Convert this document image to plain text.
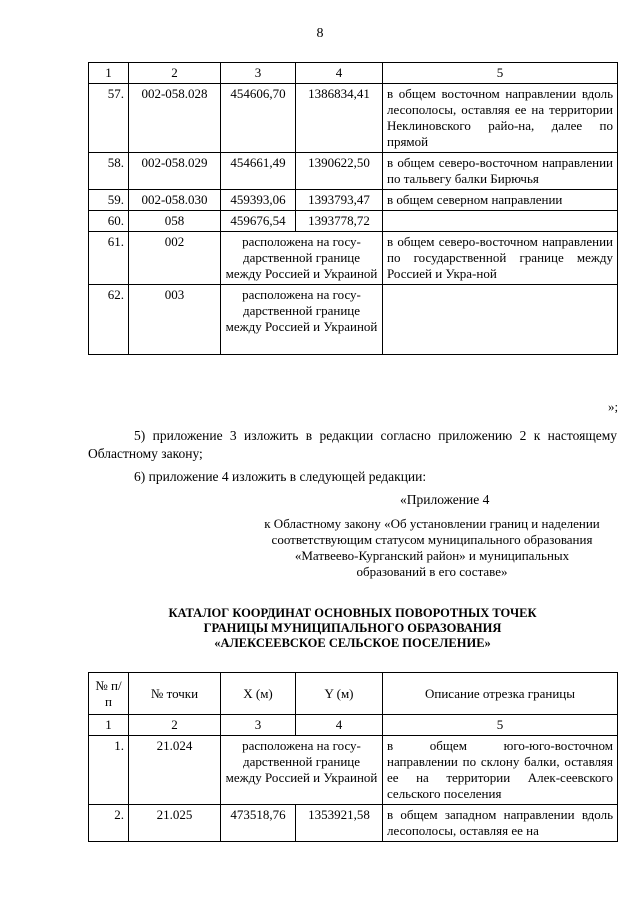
8
1	2	3	4	5
57.	002-058.028	454606,70	1386834,41	в общем восточном направлении вдоль лесополосы, оставляя ее на территории Неклиновского райо-на, далее по прямой
58.	002-058.029	454661,49	1390622,50	в общем северо-восточном направлении по тальвегу балки Бирючья
59.	002-058.030	459393,06	1393793,47	в общем северном направлении
60.	058	459676,54	1393778,72	
61.	002	расположена на госу-дарственной границе между Россией и Украиной		в общем северо-восточном направлении по государственной границе между Россией и Укра-ной
62.	003	расположена на госу-дарственной границе между Россией и Украиной		
»;
5) приложение 3 изложить в редакции согласно приложению 2 к настоящему Областному закону;
6) приложение 4 изложить в следующей редакции:
«Приложение 4
к Областному закону «Об установлении границ и наделении соответствующим статусом муниципального образования «Матвеево-Курганский район» и муниципальных образований в его составе»
КАТАЛОГ КООРДИНАТ ОСНОВНЫХ ПОВОРОТНЫХ ТОЧЕК
ГРАНИЦЫ МУНИЦИПАЛЬНОГО ОБРАЗОВАНИЯ
«АЛЕКСЕЕВСКОЕ СЕЛЬСКОЕ ПОСЕЛЕНИЕ»
№ п/п	№ точки	X (м)	Y (м)	Описание отрезка границы
1	2	3	4	5
1.	21.024	расположена на госу-дарственной границе между Россией и Украиной		в общем юго-юго-восточном направлении по склону балки, оставляя ее на территории Алек-сеевского сельского поселения
2.	21.025	473518,76	1353921,58	в общем западном направлении вдоль лесополосы, оставляя ее на
